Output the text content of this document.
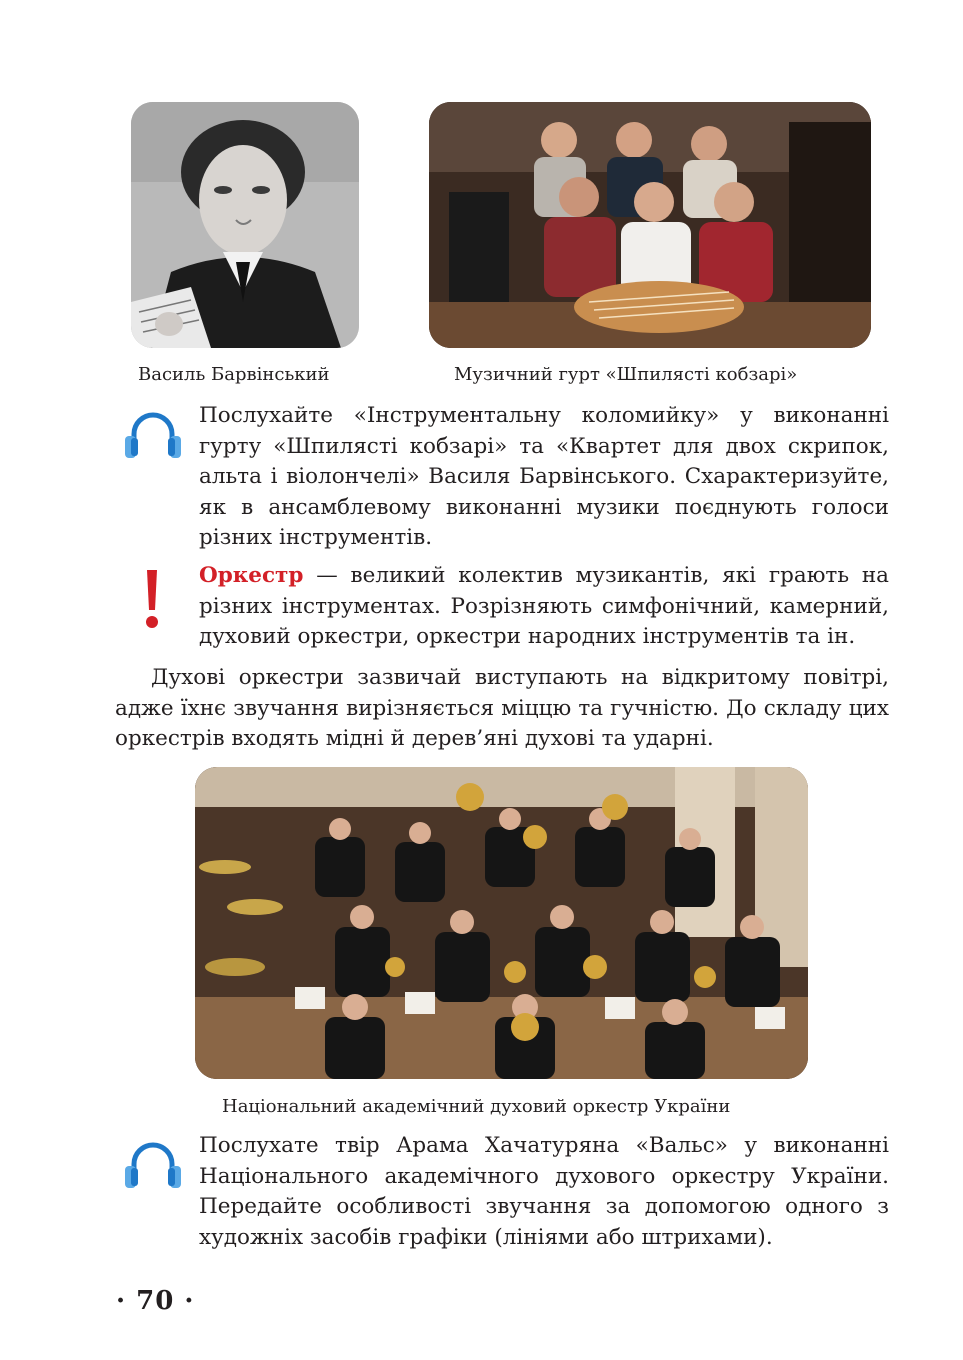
Василь Барвінський	Музичний гурт «Шпилясті кобзарі»

Послухайте «Інструментальну коломийку» у виконанні гурту «Шпилясті кобзарі» та «Квартет для двох скрипок, альта і віолончелі» Василя Барвінського. Схарактеризуйте, як в ансамблевому виконанні музики поєднують голоси різних інструментів.

Оркестр — великий колектив музикантів, які грають на різних інструментах. Розрізняють симфонічний, камерний, духовий оркестри, оркестри народних інструментів та ін.

Духові оркестри зазвичай виступають на відкритому повітрі, адже їхнє звучання вирізняється міццю та гучністю. До складу цих оркестрів входять мідні й дерев’яні духові та ударні.

Національний академічний духовий оркестр України

Послухате твір Арама Хачатуряна «Вальс» у виконанні Національного академічного духового оркестру України. Передайте особливості звучання за допомогою одного з художніх засобів графіки (лініями або штрихами).

· 70 ·
